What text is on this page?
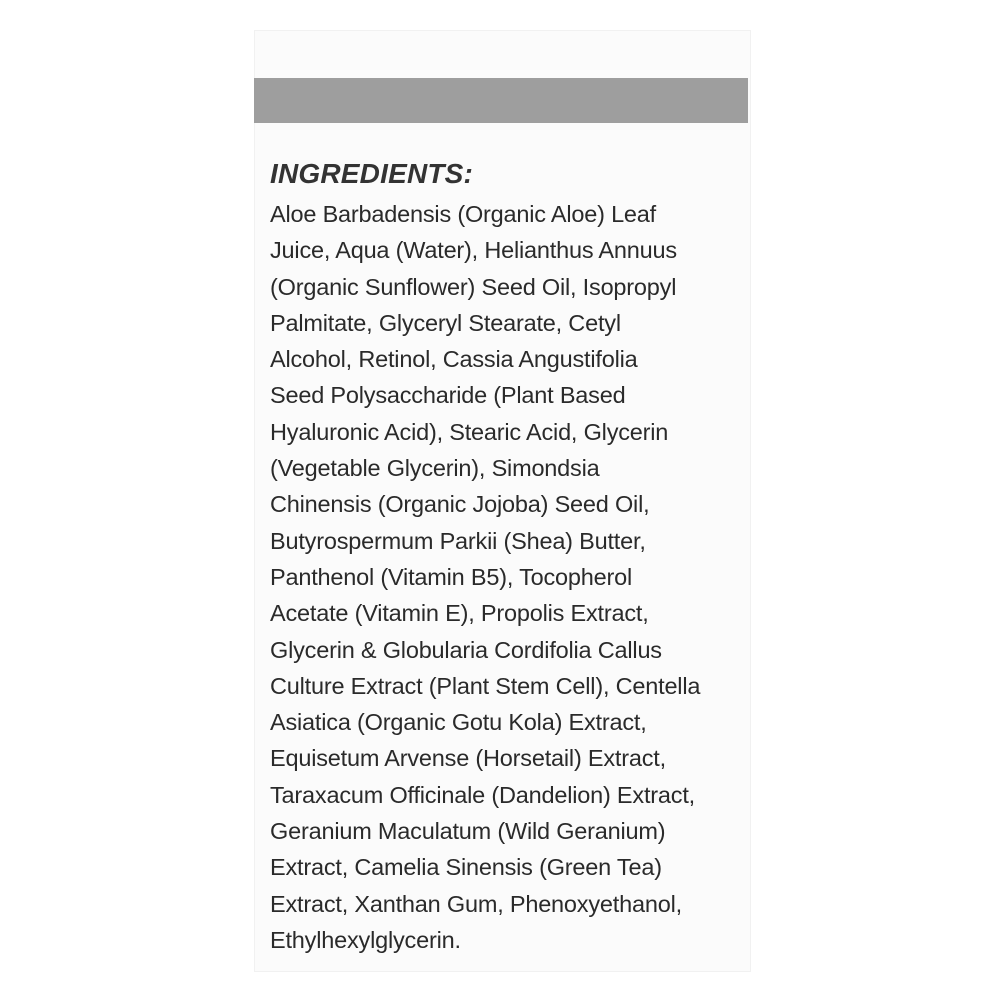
INGREDIENTS:
Aloe Barbadensis (Organic Aloe) Leaf
Juice, Aqua (Water), Helianthus Annuus
(Organic Sunflower) Seed Oil, Isopropyl
Palmitate, Glyceryl Stearate, Cetyl
Alcohol, Retinol, Cassia Angustifolia
Seed Polysaccharide (Plant Based
Hyaluronic Acid), Stearic Acid, Glycerin
(Vegetable Glycerin), Simondsia
Chinensis (Organic Jojoba) Seed Oil,
Butyrospermum Parkii (Shea) Butter,
Panthenol (Vitamin B5), Tocopherol
Acetate (Vitamin E), Propolis Extract,
Glycerin & Globularia Cordifolia Callus
Culture Extract (Plant Stem Cell), Centella
Asiatica (Organic Gotu Kola) Extract,
Equisetum Arvense (Horsetail) Extract,
Taraxacum Officinale (Dandelion) Extract,
Geranium Maculatum (Wild Geranium)
Extract, Camelia Sinensis (Green Tea)
Extract, Xanthan Gum, Phenoxyethanol,
Ethylhexylglycerin.
